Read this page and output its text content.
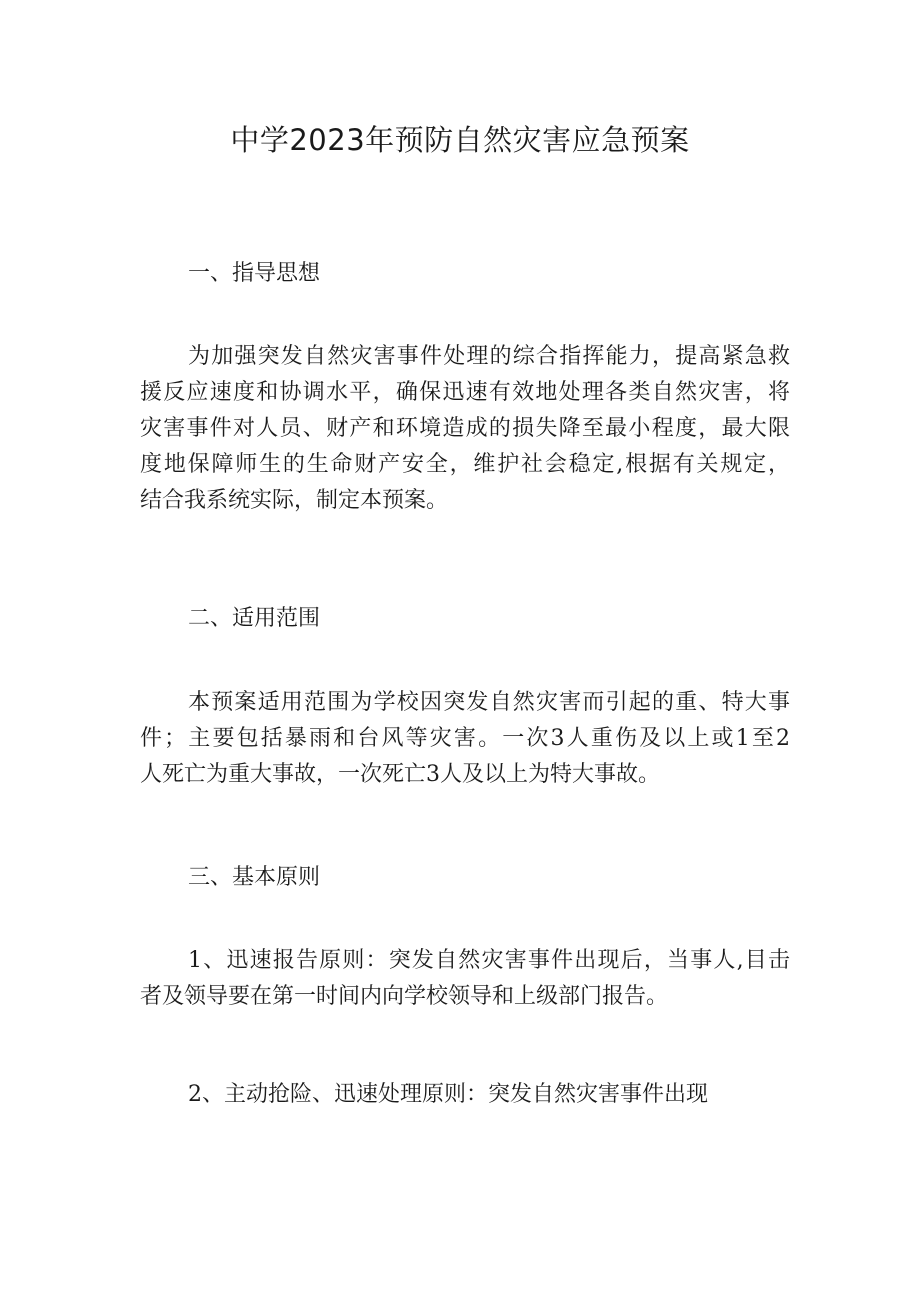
中学2023年预防自然灾害应急预案
一、指导思想
为加强突发自然灾害事件处理的综合指挥能力，提高紧急救
援反应速度和协调水平，确保迅速有效地处理各类自然灾害，将
灾害事件对人员、财产和环境造成的损失降至最小程度，最大限
度地保障师生的生命财产安全，维护社会稳定,根据有关规定，
结合我系统实际，制定本预案。
二、适用范围
本预案适用范围为学校因突发自然灾害而引起的重、特大事
件；主要包括暴雨和台风等灾害。一次3人重伤及以上或1至2
人死亡为重大事故，一次死亡3人及以上为特大事故。
三、基本原则
1、迅速报告原则：突发自然灾害事件出现后，当事人,目击
者及领导要在第一时间内向学校领导和上级部门报告。
2、主动抢险、迅速处理原则：突发自然灾害事件出现
